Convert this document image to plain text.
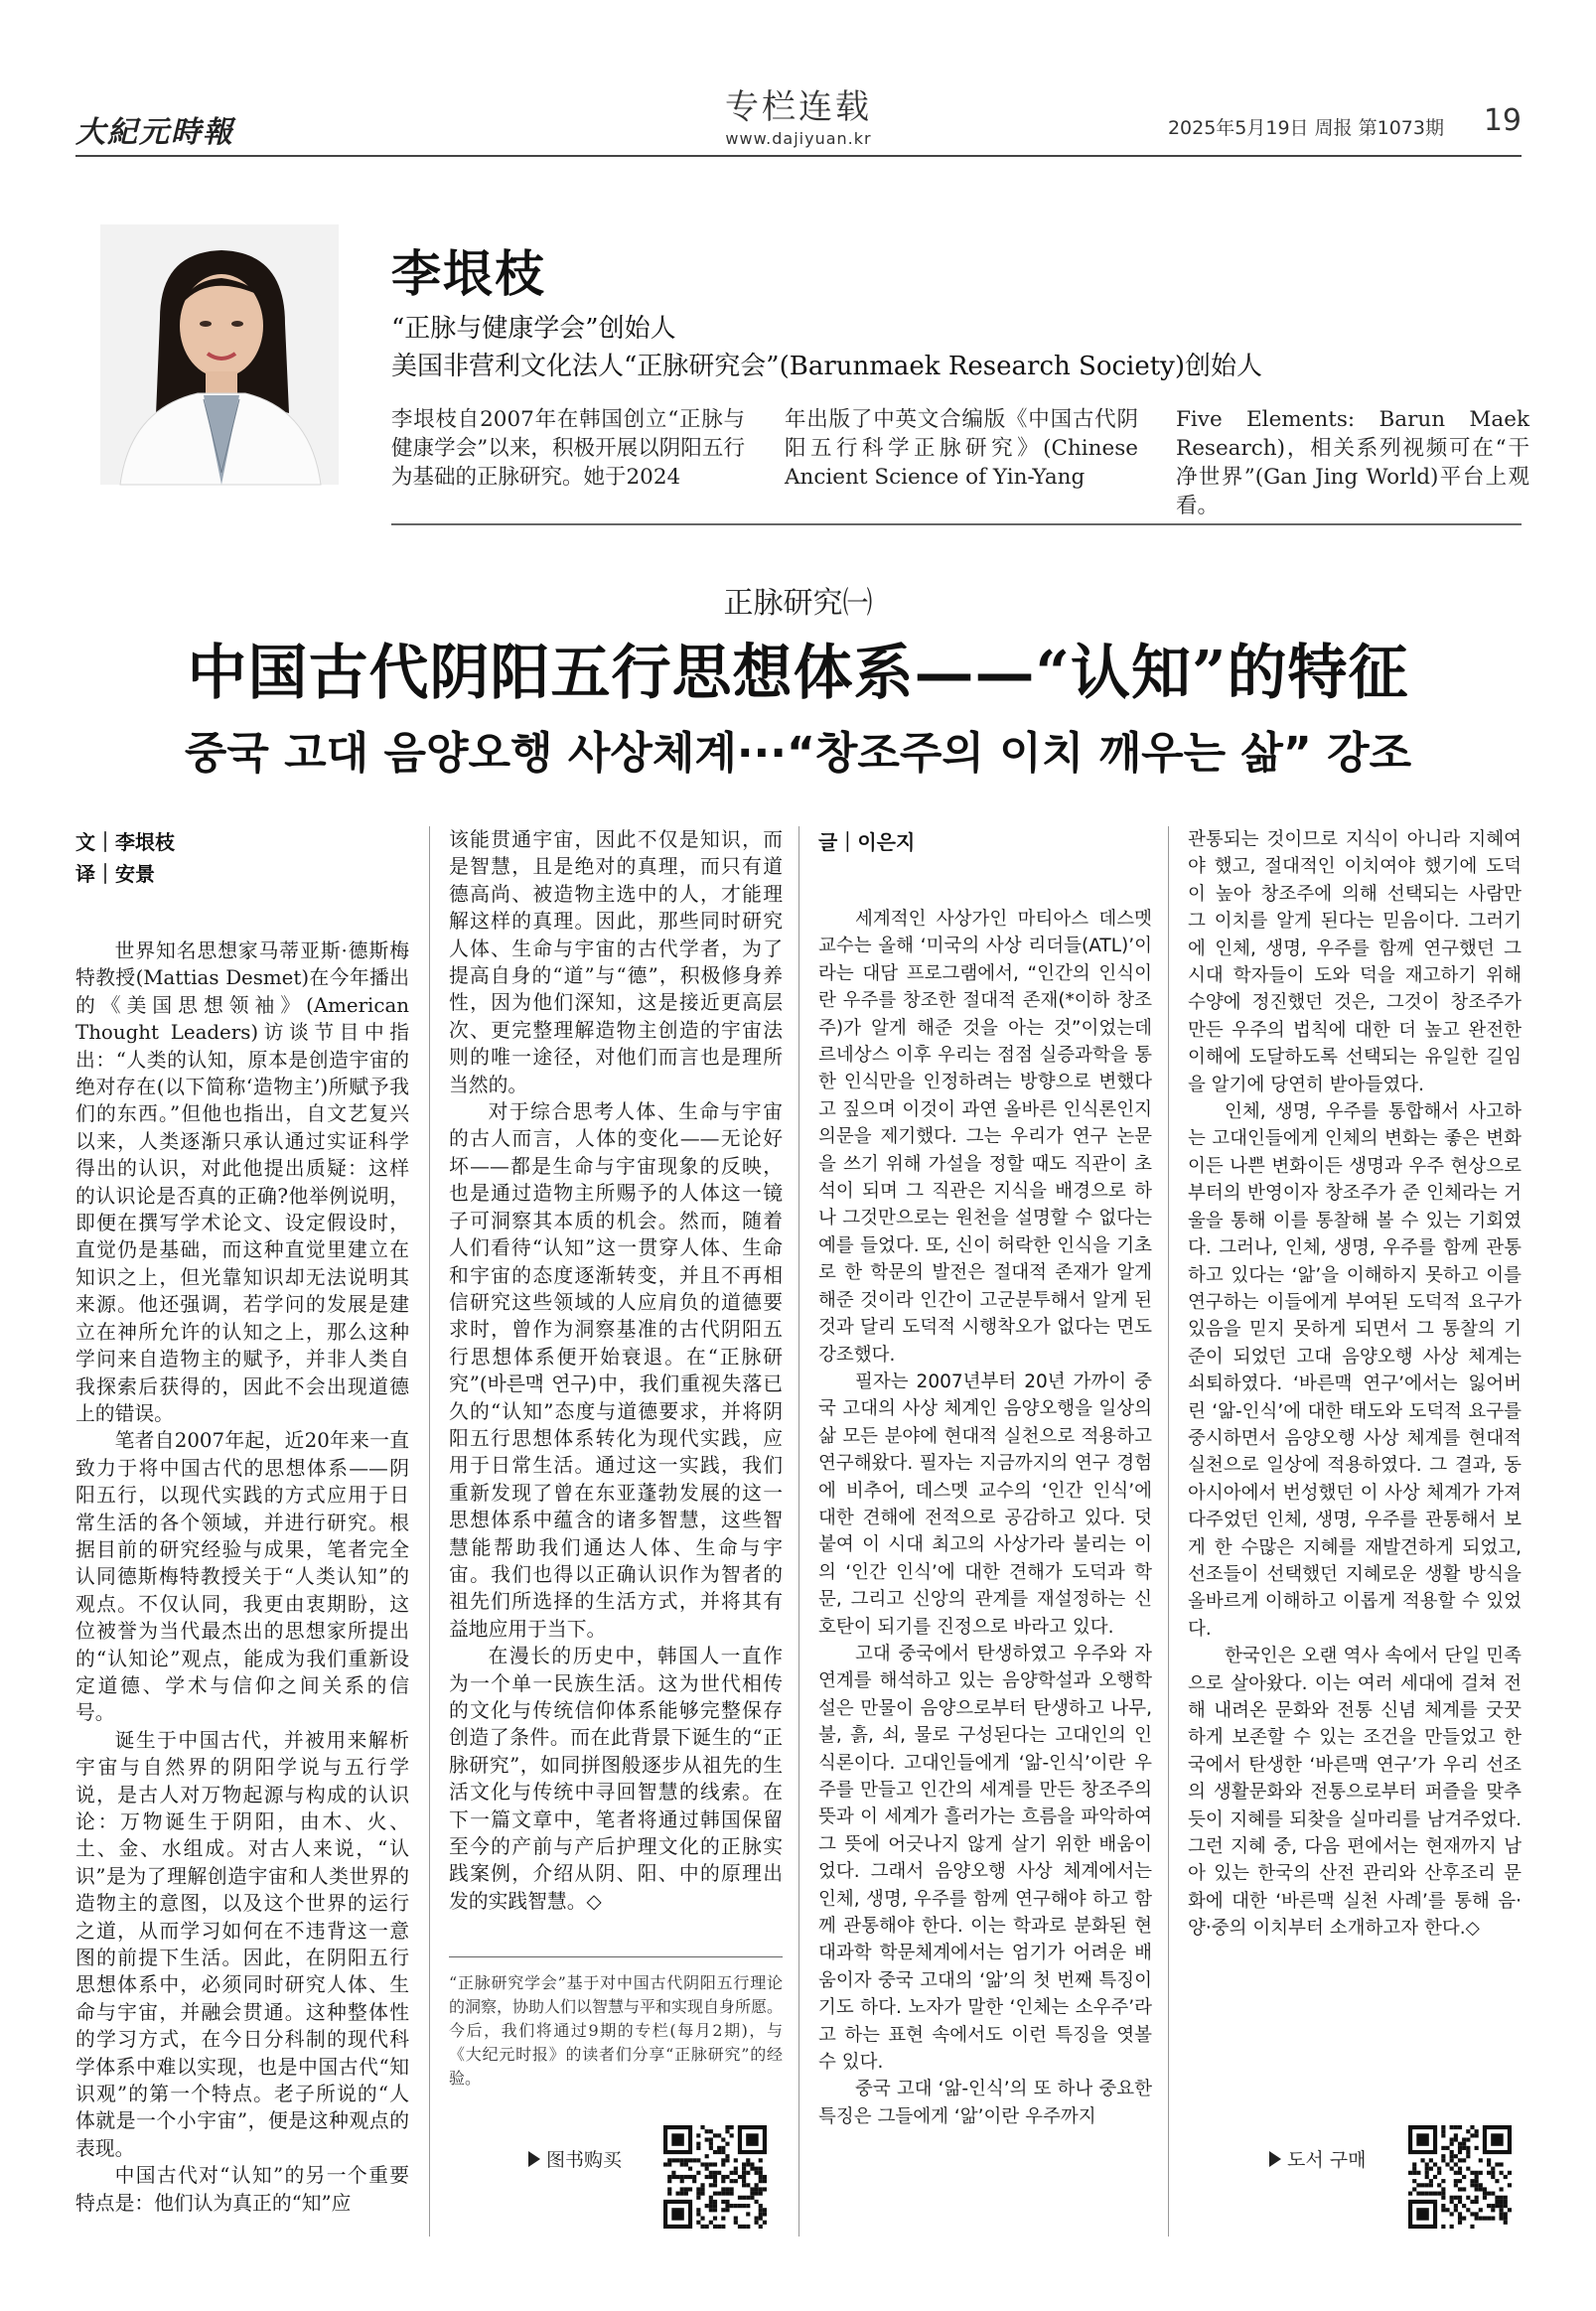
大紀元時報
专栏连载
www.dajiyuan.kr	2025年5月19日 周报 第1073期 19
李垠枝
“正脉与健康学会”创始人
美国非营利文化法人“正脉研究会”(Barunmaek Research Society)创始人
李垠枝自2007年在韩国创立“正脉与健康学会”以来，积极开展以阴阳五行为基础的正脉研究。她于2024
年出版了中英文合编版《中国古代阴阳五行科学正脉研究》(Chinese Ancient Science of Yin-Yang
Five Elements: Barun Maek Research)，相关系列视频可在“干净世界”(Gan Jing World)平台上观看。
正脉研究㈠
中国古代阴阳五行思想体系——“认知”的特征
중국 고대 음양오행 사상체계···“창조주의 이치 깨우는 삶” 강조
文｜李垠枝
译｜安景

世界知名思想家马蒂亚斯·德斯梅特教授(Mattias Desmet)在今年播出的《美国思想领袖》(American Thought Leaders)访谈节目中指出：“人类的认知，原本是创造宇宙的绝对存在(以下简称‘造物主’)所赋予我们的东西。”但他也指出，自文艺复兴以来，人类逐渐只承认通过实证科学得出的认识，对此他提出质疑：这样的认识论是否真的正确?他举例说明，即便在撰写学术论文、设定假设时，直觉仍是基础，而这种直觉里建立在知识之上，但光靠知识却无法说明其来源。他还强调，若学问的发展是建立在神所允许的认知之上，那么这种学问来自造物主的赋予，并非人类自我探索后获得的，因此不会出现道德上的错误。

笔者自2007年起，近20年来一直致力于将中国古代的思想体系——阴阳五行，以现代实践的方式应用于日常生活的各个领域，并进行研究。根据目前的研究经验与成果，笔者完全认同德斯梅特教授关于“人类认知”的观点。不仅认同，我更由衷期盼，这位被誉为当代最杰出的思想家所提出的“认知论”观点，能成为我们重新设定道德、学术与信仰之间关系的信号。

诞生于中国古代，并被用来解析宇宙与自然界的阴阳学说与五行学说，是古人对万物起源与构成的认识论：万物诞生于阴阳，由木、火、土、金、水组成。对古人来说，“认识”是为了理解创造宇宙和人类世界的造物主的意图，以及这个世界的运行之道，从而学习如何在不违背这一意图的前提下生活。因此，在阴阳五行思想体系中，必须同时研究人体、生命与宇宙，并融会贯通。这种整体性的学习方式，在今日分科制的现代科学体系中难以实现，也是中国古代“知识观”的第一个特点。老子所说的“人体就是一个小宇宙”，便是这种观点的表现。

中国古代对“认知”的另一个重要特点是：他们认为真正的“知”应

该能贯通宇宙，因此不仅是知识，而是智慧，且是绝对的真理，而只有道德高尚、被造物主选中的人，才能理解这样的真理。因此，那些同时研究人体、生命与宇宙的古代学者，为了提高自身的“道”与“德”，积极修身养性，因为他们深知，这是接近更高层次、更完整理解造物主创造的宇宙法则的唯一途径，对他们而言也是理所当然的。

对于综合思考人体、生命与宇宙的古人而言，人体的变化——无论好坏——都是生命与宇宙现象的反映，也是通过造物主所赐予的人体这一镜子可洞察其本质的机会。然而，随着人们看待“认知”这一贯穿人体、生命和宇宙的态度逐渐转变，并且不再相信研究这些领域的人应肩负的道德要求时，曾作为洞察基准的古代阴阳五行思想体系便开始衰退。在“正脉研究”(바른맥 연구)中，我们重视失落已久的“认知”态度与道德要求，并将阴阳五行思想体系转化为现代实践，应用于日常生活。通过这一实践，我们重新发现了曾在东亚蓬勃发展的这一思想体系中蕴含的诸多智慧，这些智慧能帮助我们通达人体、生命与宇宙。我们也得以正确认识作为智者的祖先们所选择的生活方式，并将其有益地应用于当下。

在漫长的历史中，韩国人一直作为一个单一民族生活。这为世代相传的文化与传统信仰体系能够完整保存创造了条件。而在此背景下诞生的“正脉研究”，如同拼图般逐步从祖先的生活文化与传统中寻回智慧的线索。在下一篇文章中，笔者将通过韩国保留至今的产前与产后护理文化的正脉实践案例，介绍从阴、阳、中的原理出发的实践智慧。◇

“正脉研究学会”基于对中国古代阴阳五行理论的洞察，协助人们以智慧与平和实现自身所愿。今后，我们将通过9期的专栏(每月2期)，与《大纪元时报》的读者们分享“正脉研究”的经验。

글｜이은지

세계적인 사상가인 마티아스 데스멧 교수는 올해 ‘미국의 사상 리더들(ATL)’이라는 대담 프로그램에서, “인간의 인식이란 우주를 창조한 절대적 존재(*이하 창조주)가 알게 해준 것을 아는 것”이었는데 르네상스 이후 우리는 점점 실증과학을 통한 인식만을 인정하려는 방향으로 변했다고 짚으며 이것이 과연 올바른 인식론인지 의문을 제기했다. 그는 우리가 연구 논문을 쓰기 위해 가설을 정할 때도 직관이 초석이 되며 그 직관은 지식을 배경으로 하나 그것만으로는 원천을 설명할 수 없다는 예를 들었다. 또, 신이 허락한 인식을 기초로 한 학문의 발전은 절대적 존재가 알게 해준 것이라 인간이 고군분투해서 알게 된 것과 달리 도덕적 시행착오가 없다는 면도 강조했다.

필자는 2007년부터 20년 가까이 중국 고대의 사상 체계인 음양오행을 일상의 삶 모든 분야에 현대적 실천으로 적용하고 연구해왔다. 필자는 지금까지의 연구 경험에 비추어, 데스멧 교수의 ‘인간 인식’에 대한 견해에 전적으로 공감하고 있다. 덧붙여 이 시대 최고의 사상가라 불리는 이의 ‘인간 인식’에 대한 견해가 도덕과 학문, 그리고 신앙의 관계를 재설정하는 신호탄이 되기를 진정으로 바라고 있다.

고대 중국에서 탄생하였고 우주와 자연계를 해석하고 있는 음양학설과 오행학설은 만물이 음양으로부터 탄생하고 나무, 불, 흙, 쇠, 물로 구성된다는 고대인의 인식론이다. 고대인들에게 ‘앎-인식’이란 우주를 만들고 인간의 세계를 만든 창조주의 뜻과 이 세계가 흘러가는 흐름을 파악하여 그 뜻에 어긋나지 않게 살기 위한 배움이었다. 그래서 음양오행 사상 체계에서는 인체, 생명, 우주를 함께 연구해야 하고 함께 관통해야 한다. 이는 학과로 분화된 현대과학 학문체계에서는 엄기가 어려운 배움이자 중국 고대의 ‘앎’의 첫 번째 특징이기도 하다. 노자가 말한 ‘인체는 소우주’라고 하는 표현 속에서도 이런 특징을 엿볼 수 있다.

중국 고대 ‘앎-인식’의 또 하나 중요한 특징은 그들에게 ‘앎’이란 우주까지

관통되는 것이므로 지식이 아니라 지혜여야 했고, 절대적인 이치여야 했기에 도덕이 높아 창조주에 의해 선택되는 사람만 그 이치를 알게 된다는 믿음이다. 그러기에 인체, 생명, 우주를 함께 연구했던 그 시대 학자들이 도와 덕을 재고하기 위해 수양에 정진했던 것은, 그것이 창조주가 만든 우주의 법칙에 대한 더 높고 완전한 이해에 도달하도록 선택되는 유일한 길임을 알기에 당연히 받아들였다.

인체, 생명, 우주를 통합해서 사고하는 고대인들에게 인체의 변화는 좋은 변화이든 나쁜 변화이든 생명과 우주 현상으로부터의 반영이자 창조주가 준 인체라는 거울을 통해 이를 통찰해 볼 수 있는 기회였다. 그러나, 인체, 생명, 우주를 함께 관통하고 있다는 ‘앎’을 이해하지 못하고 이를 연구하는 이들에게 부여된 도덕적 요구가 있음을 믿지 못하게 되면서 그 통찰의 기준이 되었던 고대 음양오행 사상 체계는 쇠퇴하였다. ‘바른맥 연구’에서는 잃어버린 ‘앎-인식’에 대한 태도와 도덕적 요구를 중시하면서 음양오행 사상 체계를 현대적 실천으로 일상에 적용하였다. 그 결과, 동아시아에서 번성했던 이 사상 체계가 가져다주었던 인체, 생명, 우주를 관통해서 보게 한 수많은 지혜를 재발견하게 되었고, 선조들이 선택했던 지혜로운 생활 방식을 올바르게 이해하고 이롭게 적용할 수 있었다.

한국인은 오랜 역사 속에서 단일 민족으로 살아왔다. 이는 여러 세대에 걸쳐 전해 내려온 문화와 전통 신념 체계를 굿꿋하게 보존할 수 있는 조건을 만들었고 한국에서 탄생한 ‘바른맥 연구’가 우리 선조의 생활문화와 전통으로부터 퍼즐을 맞추듯이 지혜를 되찾을 실마리를 남겨주었다. 그런 지혜 중, 다음 편에서는 현재까지 남아 있는 한국의 산전 관리와 산후조리 문화에 대한 ‘바른맥 실천 사례’를 통해 음·양·중의 이치부터 소개하고자 한다.◇

图书购买	도서 구매
